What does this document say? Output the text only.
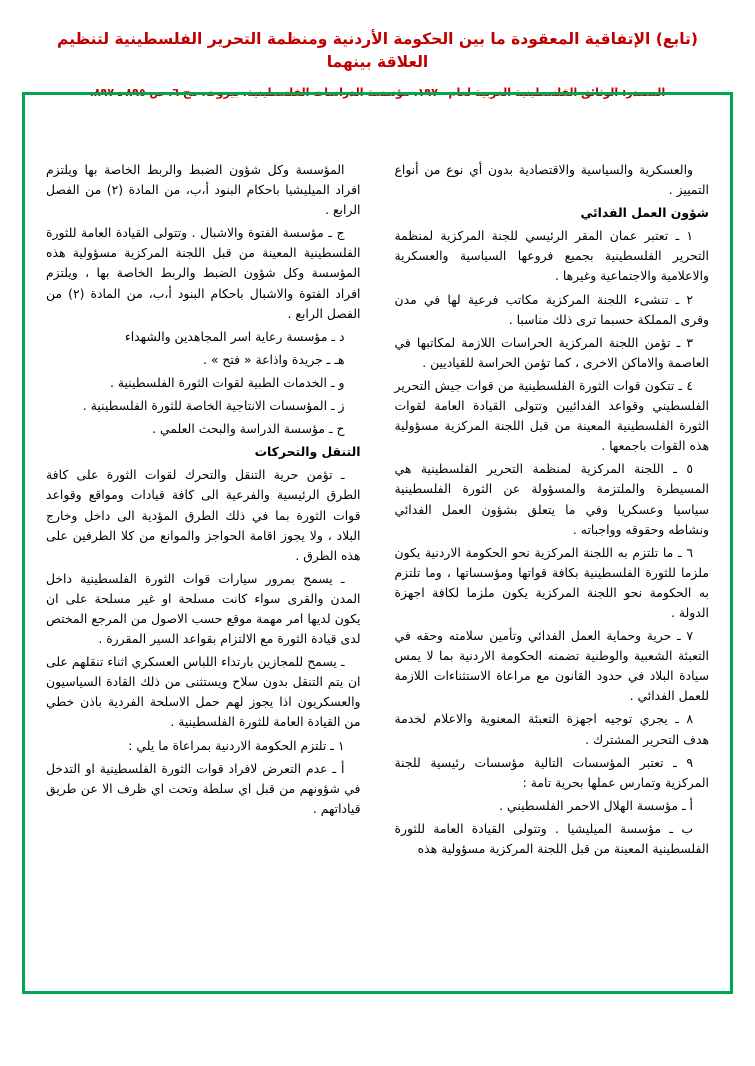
(تابع) الإتفاقية المعقودة ما بين الحكومة الأردنية ومنظمة التحرير الفلسطينية لتنظيم العلاقة بينهما
المصدر: الوثائق الفلسطينية العربية لعام ١٩٧٠، مؤسسة الدراسات الفلسطينية، بيروت، مج ٦، ص ٨٩٥ ـ ٨٩٧.

والعسكرية والسياسية والاقتصادية بدون أي نوع من أنواع التمييز .

شؤون العمل الفدائي

١ ـ تعتبر عمان المقر الرئيسي للجنة المركزية لمنظمة التحرير الفلسطينية بجميع فروعها السياسية والعسكرية والاعلامية والاجتماعية وغيرها .

٢ ـ تنشىء اللجنة المركزية مكاتب فرعية لها في مدن وقرى المملكة حسبما ترى ذلك مناسبا .

٣ ـ تؤمن اللجنة المركزية الحراسات اللازمة لمكاتبها في العاصمة والاماكن الاخرى ، كما تؤمن الحراسة للقياديين .

٤ ـ تتكون قوات الثورة الفلسطينية من قوات جيش التحرير الفلسطيني وقواعد الفدائيين وتتولى القيادة العامة لقوات الثورة الفلسطينية المعينة من قبل اللجنة المركزية مسؤولية هذه القوات باجمعها .

٥ ـ اللجنة المركزية لمنظمة التحرير الفلسطينية هي المسيطرة والملتزمة والمسؤولة عن الثورة الفلسطينية سياسيا وعسكريا وفي ما يتعلق بشؤون العمل الفدائي ونشاطه وحقوقه وواجباته .

٦ ـ ما تلتزم به اللجنة المركزية نحو الحكومة الاردنية يكون ملزما للثورة الفلسطينية بكافة قواتها ومؤسساتها ، وما تلتزم به الحكومة نحو اللجنة المركزية يكون ملزما لكافة اجهزة الدولة .

٧ ـ حرية وحماية العمل الفدائي وتأمين سلامته وحقه في التعبئة الشعبية والوطنية تضمنه الحكومة الاردنية بما لا يمس سيادة البلاد في حدود القانون مع مراعاة الاستثناءات اللازمة للعمل الفدائي .

٨ ـ يجري توجيه اجهزة التعبئة المعنوية والاعلام لخدمة هدف التحرير المشترك .

٩ ـ تعتبر المؤسسات التالية مؤسسات رئيسية للجنة المركزية وتمارس عملها بحرية تامة :

أ ـ مؤسسة الهلال الاحمر الفلسطيني .

ب ـ مؤسسة الميليشيا . وتتولى القيادة العامة للثورة الفلسطينية المعينة من قبل اللجنة المركزية مسؤولية هذه

المؤسسة وكل شؤون الضبط والربط الخاصة بها ويلتزم افراد الميليشيا باحكام البنود أ،ب، من المادة (٢) من الفصل الرابع .

ج ـ مؤسسة الفتوة والاشبال . وتتولى القيادة العامة للثورة الفلسطينية المعينة من قبل اللجنة المركزية مسؤولية هذه المؤسسة وكل شؤون الضبط والربط الخاصة بها ، ويلتزم افراد الفتوة والاشبال باحكام البنود أ،ب، من المادة (٢) من الفصل الرابع .

د ـ مؤسسة رعاية اسر المجاهدين والشهداء

هـ ـ جريدة واذاعة « فتح » .

و ـ الخدمات الطبية لقوات الثورة الفلسطينية .

ز ـ المؤسسات الانتاجية الخاصة للثورة الفلسطينية .

ح ـ مؤسسة الدراسة والبحث العلمي .

التنقل والتحركات

ـ تؤمن حرية التنقل والتحرك لقوات الثورة على كافة الطرق الرئيسية والفرعية الى كافة قيادات ومواقع وقواعد قوات الثورة بما في ذلك الطرق المؤدية الى داخل وخارج البلاد ، ولا يجوز اقامة الحواجز والموانع من كلا الطرفين على هذه الطرق .

ـ يسمح بمرور سيارات قوات الثورة الفلسطينية داخل المدن والقرى سواء كانت مسلحة او غير مسلحة على ان يكون لديها امر مهمة موقع حسب الاصول من المرجع المختص لدى قيادة الثورة مع الالتزام بقواعد السير المقررة .

ـ يسمح للمجازين بارتداء اللباس العسكري اثناء تنقلهم على ان يتم التنقل بدون سلاح ويستثنى من ذلك القادة السياسيون والعسكريون اذا يجوز لهم حمل الاسلحة الفردية باذن خطي من القيادة العامة للثورة الفلسطينية .

١ ـ تلتزم الحكومة الاردنية بمراعاة ما يلي :

أ ـ عدم التعرض لافراد قوات الثورة الفلسطينية او التدخل في شؤونهم من قبل اي سلطة وتحت اي ظرف الا عن طريق قياداتهم .
